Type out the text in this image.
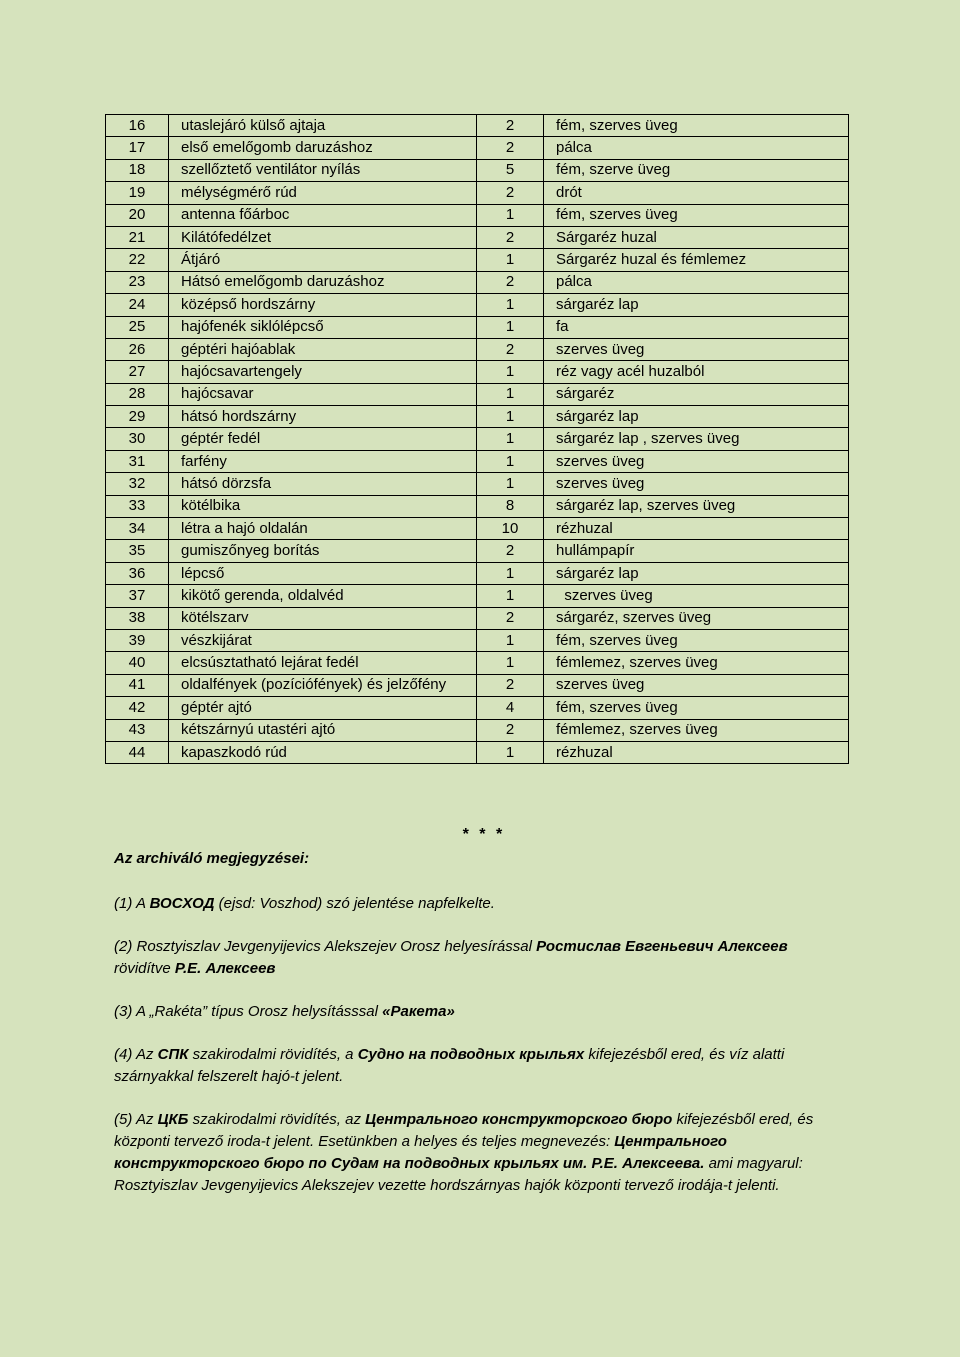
16	utaslejáró külső ajtaja	2	fém, szerves üveg
17	első emelőgomb daruzáshoz	2	pálca
18	szellőztető ventilátor nyílás	5	fém, szerve üveg
19	mélységmérő rúd	2	drót
20	antenna főárboc	1	fém, szerves üveg
21	Kilátófedélzet	2	Sárgaréz huzal
22	Átjáró	1	Sárgaréz huzal és fémlemez
23	Hátsó emelőgomb daruzáshoz	2	pálca
24	középső hordszárny	1	sárgaréz lap
25	hajófenék siklólépcső	1	fa
26	géptéri hajóablak	2	szerves üveg
27	hajócsavartengely	1	réz vagy acél huzalból
28	hajócsavar	1	sárgaréz
29	hátsó hordszárny	1	sárgaréz lap
30	géptér fedél	1	sárgaréz lap , szerves üveg
31	farfény	1	szerves üveg
32	hátsó dörzsfa	1	szerves üveg
33	kötélbika	8	sárgaréz lap, szerves üveg
34	létra a hajó oldalán	10	rézhuzal
35	gumiszőnyeg borítás	2	hullámpapír
36	lépcső	1	sárgaréz lap
37	kikötő gerenda, oldalvéd	1	szerves üveg
38	kötélszarv	2	sárgaréz, szerves üveg
39	vészkijárat	1	fém, szerves üveg
40	elcsúsztatható lejárat fedél	1	fémlemez, szerves üveg
41	oldalfények (pozíciófények) és jelzőfény	2	szerves üveg
42	géptér ajtó	4	fém, szerves üveg
43	kétszárnyú utastéri ajtó	2	fémlemez, szerves üveg
44	kapaszkodó rúd	1	rézhuzal
* * *
Az archiváló megjegyzései:

(1) A ВОСХОД (ejsd: Voszhod) szó jelentése napfelkelte.

(2) Rosztyiszlav Jevgenyijevics Alekszejev Orosz helyesírással Ростислав Евгеньевич Алексеев rövidítve Р.Е. Алексеев

(3) A „Rakéta” típus Orosz helysításssal «Ракета»

(4) Az СПК szakirodalmi rövidítés, a Судно на подводных крыльях kifejezésből ered, és víz alatti szárnyakkal felszerelt hajó-t jelent.

(5) Az ЦКБ szakirodalmi rövidítés, az Центрального конструкторского бюро kifejezésből ered, és központi tervező iroda-t jelent. Esetünkben a helyes és teljes megnevezés: Центрального конструкторского бюро по Судам на подводных крыльях им. Р.Е. Алексеева. ami magyarul: Rosztyiszlav Jevgenyijevics Alekszejev vezette hordszárnyas hajók központi tervező irodája-t jelenti.
